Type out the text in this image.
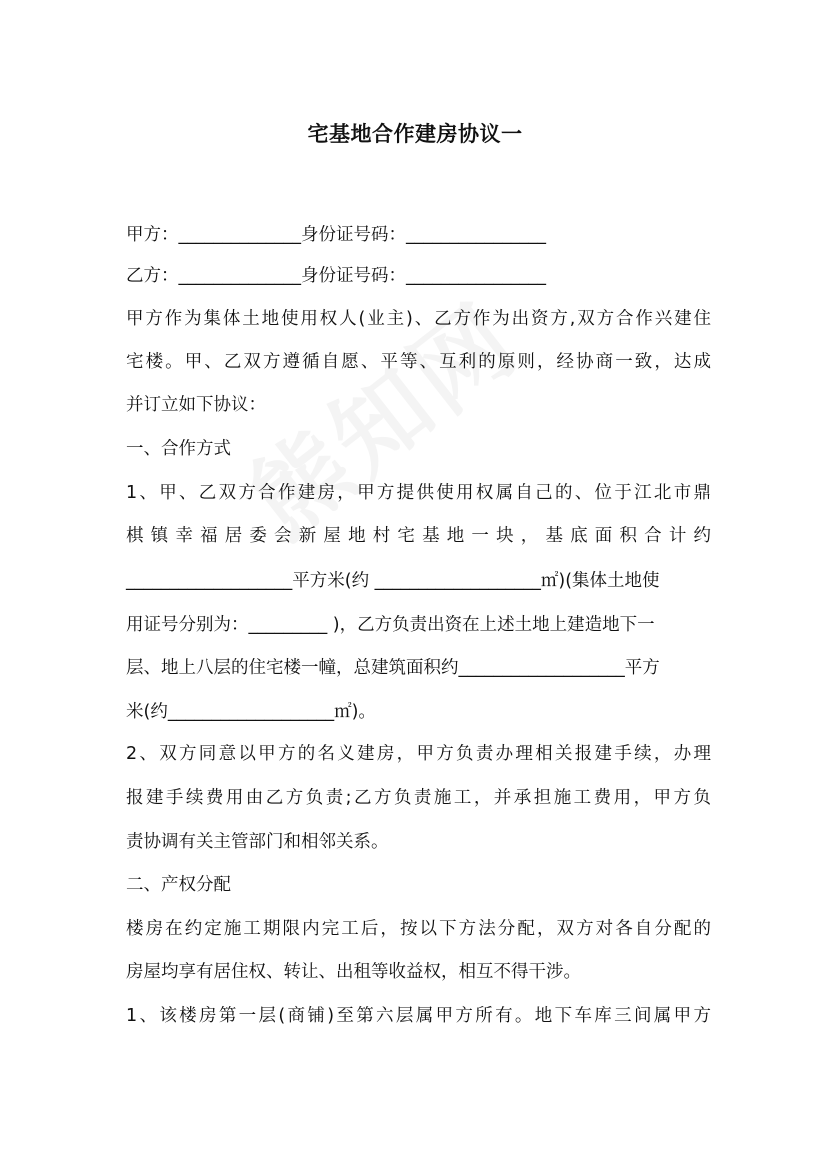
宅基地合作建房协议一
甲方：______________身份证号码：________________
乙方：______________身份证号码：________________
甲方作为集体土地使用权人(业主)、乙方作为出资方,双方合作兴建住
宅楼。甲、乙双方遵循自愿、平等、互利的原则，经协商一致，达成
并订立如下协议：
一、合作方式
1、甲、乙双方合作建房，甲方提供使用权属自己的、位于江北市鼎
棋镇幸福居委会新屋地村宅基地一块，基底面积合计约
___________________平方米(约 ___________________㎡)(集体土地使
用证号分别为：_________ )，乙方负责出资在上述土地上建造地下一
层、地上八层的住宅楼一幢，总建筑面积约___________________平方
米(约___________________㎡)。
2、双方同意以甲方的名义建房，甲方负责办理相关报建手续，办理
报建手续费用由乙方负责;乙方负责施工，并承担施工费用，甲方负
责协调有关主管部门和相邻关系。
二、产权分配
楼房在约定施工期限内完工后，按以下方法分配，双方对各自分配的
房屋均享有居住权、转让、出租等收益权，相互不得干涉。
1、该楼房第一层(商铺)至第六层属甲方所有。地下车库三间属甲方
